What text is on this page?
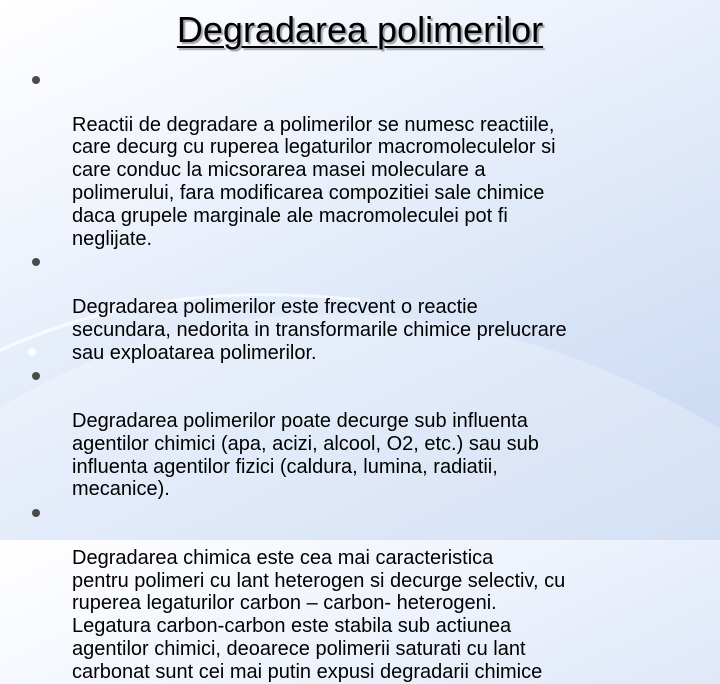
Degradarea polimerilor

Reactii de degradare a polimerilor se numesc reactiile,
care decurg cu ruperea legaturilor macromoleculelor si
care conduc la micsorarea masei moleculare a
polimerului, fara modificarea compozitiei sale chimice
daca grupele marginale ale macromoleculei pot fi
neglijate.

Degradarea polimerilor este frecvent o reactie
secundara, nedorita in transformarile chimice prelucrare
sau exploatarea polimerilor.

Degradarea polimerilor poate decurge sub influenta
agentilor chimici (apa, acizi, alcool, O2, etc.) sau sub
influenta agentilor fizici (caldura, lumina, radiatii,
mecanice).

Degradarea chimica este cea mai caracteristica
pentru polimeri cu lant heterogen si decurge selectiv, cu
ruperea legaturilor carbon – carbon- heterogeni.
Legatura carbon-carbon este stabila sub actiunea
agentilor chimici, deoarece polimerii saturati cu lant
carbonat sunt cei mai putin expusi degradarii chimice
